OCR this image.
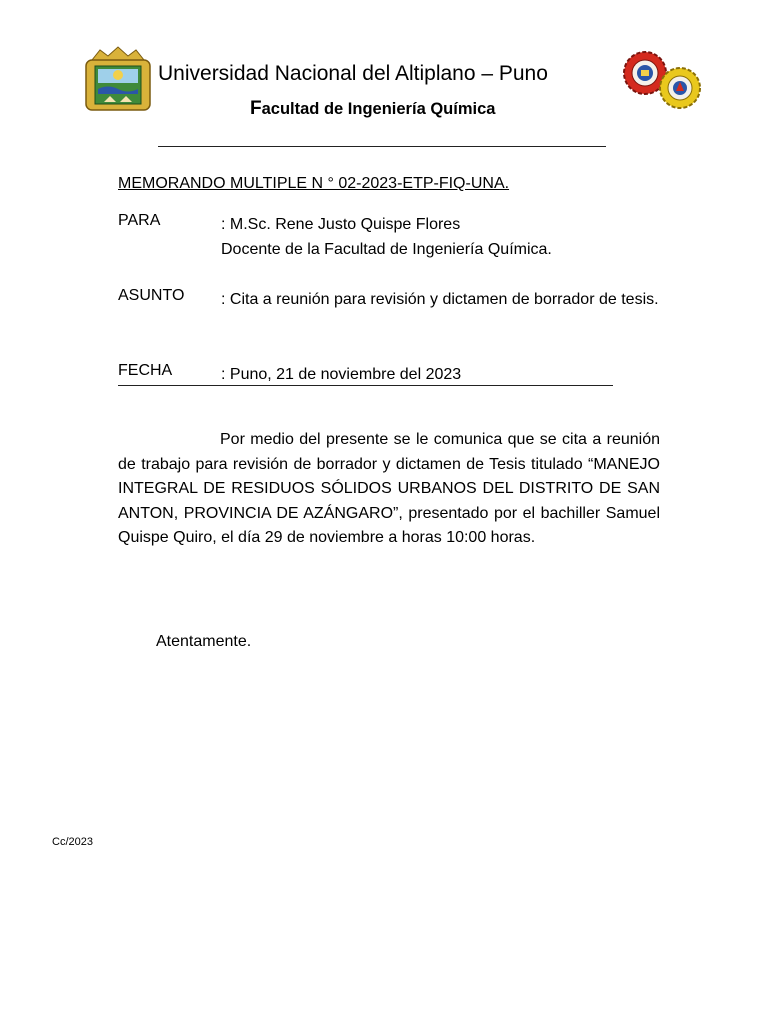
Universidad Nacional del Altiplano – Puno
Facultad de Ingeniería Química
MEMORANDO MULTIPLE N ° 02-2023-ETP-FIQ-UNA.
PARA	: M.Sc. Rene Justo Quispe Flores
Docente de la Facultad de Ingeniería Química.
ASUNTO : Cita a reunión para revisión y dictamen de borrador de tesis.
FECHA	: Puno, 21 de noviembre del 2023
Por medio del presente se le comunica que se cita a reunión de trabajo para revisión de borrador y dictamen de Tesis titulado “MANEJO INTEGRAL DE RESIDUOS SÓLIDOS URBANOS DEL DISTRITO DE SAN ANTON, PROVINCIA DE AZÁNGARO”, presentado por el bachiller Samuel Quispe Quiro, el día 29 de noviembre a horas 10:00 horas.
Atentamente.
Cc/2023
